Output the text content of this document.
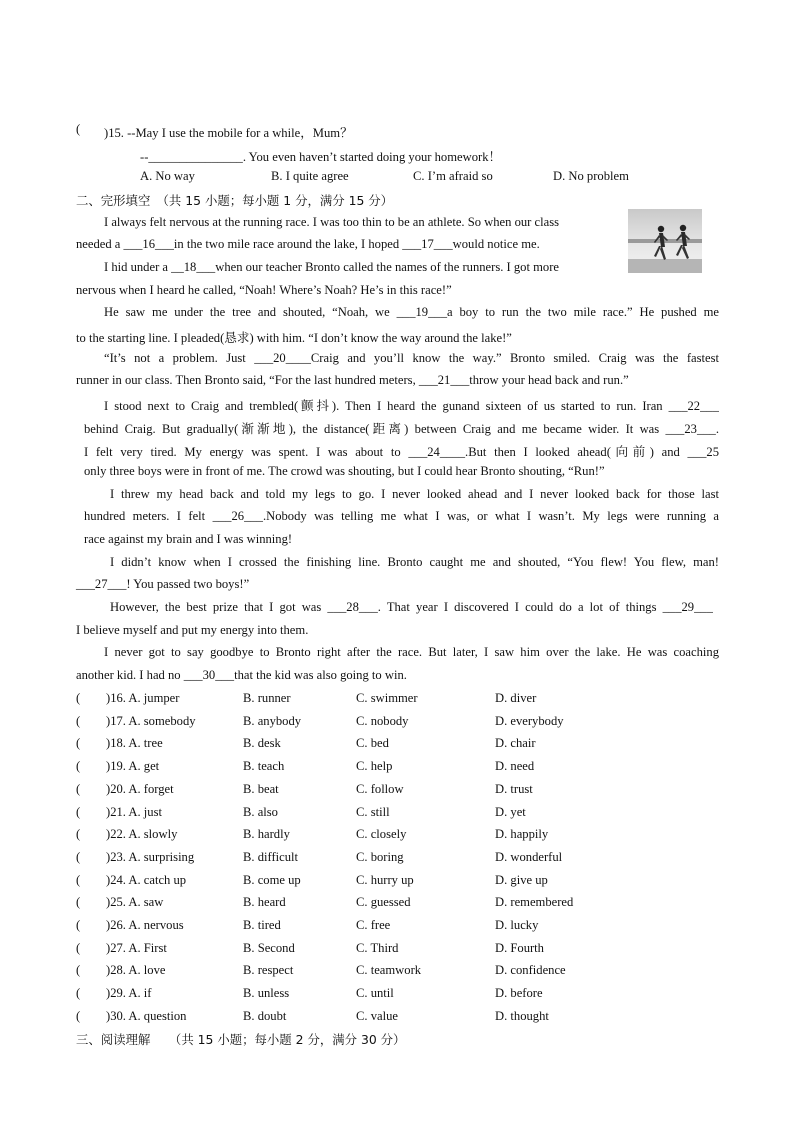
( )15. --May I use the mobile for a while，Mum？
--_______________. You even haven’t started doing your homework！
A. No way	B. I quite agree	C. I’m afraid so	D. No problem
二、完形填空　（共 15 小题；每小题 1 分，满分 15 分）
I always felt nervous at the running race. I was too thin to be an athlete. So when our class
needed a ___16___in the two mile race around the lake, I hoped ___17___would notice me.
I hid under a __18___when our teacher Bronto called the names of the runners. I got more
nervous when I heard he called, “Noah! Where’s Noah? He’s in this race!”
He saw me under the tree and shouted, “Noah, we ___19___a boy to run the two mile race.” He pushed me
to the starting line. I pleaded(恳求) with him. “I don’t know the way around the lake!”
“It’s not a problem. Just ___20____Craig and you’ll know the way.” Bronto smiled. Craig was the fastest
runner in our class. Then Bronto said, “For the last hundred meters, ___21___throw your head back and run.”
I stood next to Craig and trembled(颤抖). Then I heard the gunand sixteen of us started to run. Iran ___22___
behind Craig. But gradually(渐渐地), the distance(距离) between Craig and me became wider. It was ___23___.
I felt very tired. My energy was spent. I was about to ___24____.But then I looked ahead(向前) and ___25
only three boys were in front of me. The crowd was shouting, but I could hear Bronto shouting, “Run!”
I threw my head back and told my legs to go. I never looked ahead and I never looked back for those last
hundred meters. I felt ___26___.Nobody was telling me what I was, or what I wasn’t. My legs were running a
race against my brain and I was winning!
I didn’t know when I crossed the finishing line. Bronto caught me and shouted, “You flew! You flew, man!
___27___! You passed two boys!”
However, the best prize that I got was ___28___. That year I discovered I could do a lot of things ___29___
I believe myself and put my energy into them.
I never got to say goodbye to Bronto right after the race. But later, I saw him over the lake. He was coaching
another kid. I had no ___30___that the kid was also going to win.
( )16. A. jumper	B. runner	C. swimmer	D. diver
( )17. A. somebody	B. anybody	C. nobody	D. everybody
( )18. A. tree	B. desk	C. bed	D. chair
( )19. A. get	B. teach	C. help	D. need
( )20. A. forget	B. beat	C. follow	D. trust
( )21. A. just	B. also	C. still	D. yet
( )22. A. slowly	B. hardly	C. closely	D. happily
( )23. A. surprising	B. difficult	C. boring	D. wonderful
( )24. A. catch up	B. come up	C. hurry up	D. give up
( )25. A. saw	B. heard	C. guessed	D. remembered
( )26. A. nervous	B. tired	C. free	D. lucky
( )27. A. First	B. Second	C. Third	D. Fourth
( )28. A. love	B. respect	C. teamwork	D. confidence
( )29. A. if	B. unless	C. until	D. before
( )30. A. question	B. doubt	C. value	D. thought
三、阅读理解　　（共 15 小题；每小题 2 分，满分 30 分）
